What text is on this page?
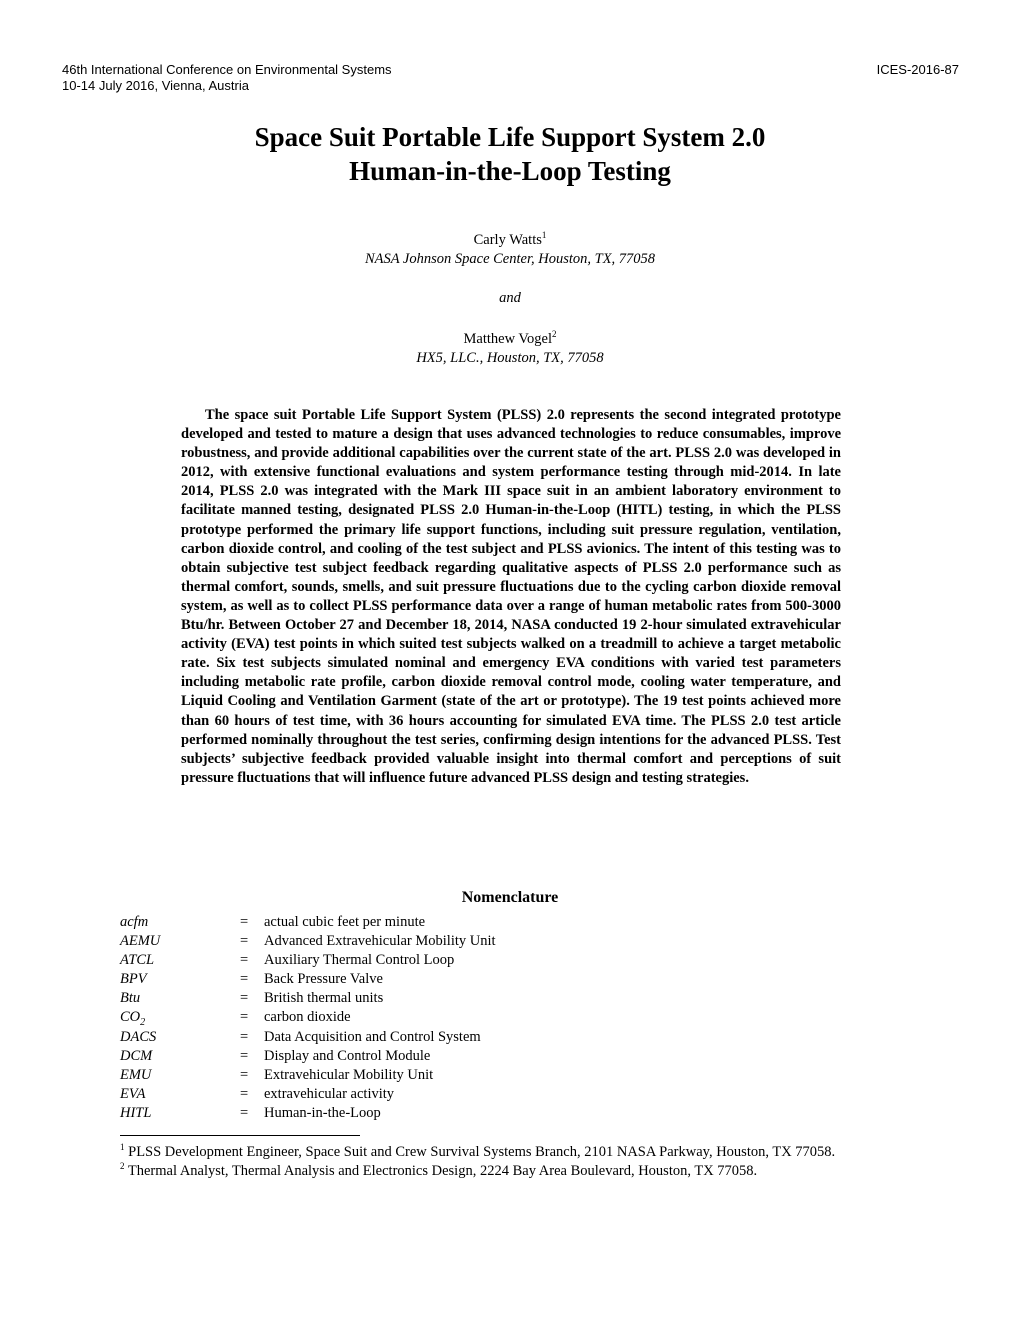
46th International Conference on Environmental Systems
10-14 July 2016, Vienna, Austria
ICES-2016-87
Space Suit Portable Life Support System 2.0
Human-in-the-Loop Testing
Carly Watts$^1$
NASA Johnson Space Center, Houston, TX, 77058
and
Matthew Vogel$^2$
HX5, LLC., Houston, TX, 77058

The space suit Portable Life Support System (PLSS) 2.0 represents the second integrated prototype developed and tested to mature a design that uses advanced technologies to reduce consumables, improve robustness, and provide additional capabilities over the current state of the art. PLSS 2.0 was developed in 2012, with extensive functional evaluations and system performance testing through mid-2014. In late 2014, PLSS 2.0 was integrated with the Mark III space suit in an ambient laboratory environment to facilitate manned testing, designated PLSS 2.0 Human-in-the-Loop (HITL) testing, in which the PLSS prototype performed the primary life support functions, including suit pressure regulation, ventilation, carbon dioxide control, and cooling of the test subject and PLSS avionics. The intent of this testing was to obtain subjective test subject feedback regarding qualitative aspects of PLSS 2.0 performance such as thermal comfort, sounds, smells, and suit pressure fluctuations due to the cycling carbon dioxide removal system, as well as to collect PLSS performance data over a range of human metabolic rates from 500-3000 Btu/hr. Between October 27 and December 18, 2014, NASA conducted 19 2-hour simulated extravehicular activity (EVA) test points in which suited test subjects walked on a treadmill to achieve a target metabolic rate. Six test subjects simulated nominal and emergency EVA conditions with varied test parameters including metabolic rate profile, carbon dioxide removal control mode, cooling water temperature, and Liquid Cooling and Ventilation Garment (state of the art or prototype). The 19 test points achieved more than 60 hours of test time, with 36 hours accounting for simulated EVA time. The PLSS 2.0 test article performed nominally throughout the test series, confirming design intentions for the advanced PLSS. Test subjects’ subjective feedback provided valuable insight into thermal comfort and perceptions of suit pressure fluctuations that will influence future advanced PLSS design and testing strategies.

Nomenclature
acfm	= actual cubic feet per minute
AEMU	= Advanced Extravehicular Mobility Unit
ATCL	= Auxiliary Thermal Control Loop
BPV	= Back Pressure Valve
Btu	= British thermal units
$CO_2$	= carbon dioxide
DACS	= Data Acquisition and Control System
DCM	= Display and Control Module
EMU	= Extravehicular Mobility Unit
EVA	= extravehicular activity
HITL	= Human-in-the-Loop

$^1$ PLSS Development Engineer, Space Suit and Crew Survival Systems Branch, 2101 NASA Parkway, Houston, TX 77058.

$^2$ Thermal Analyst, Thermal Analysis and Electronics Design, 2224 Bay Area Boulevard, Houston, TX 77058.
